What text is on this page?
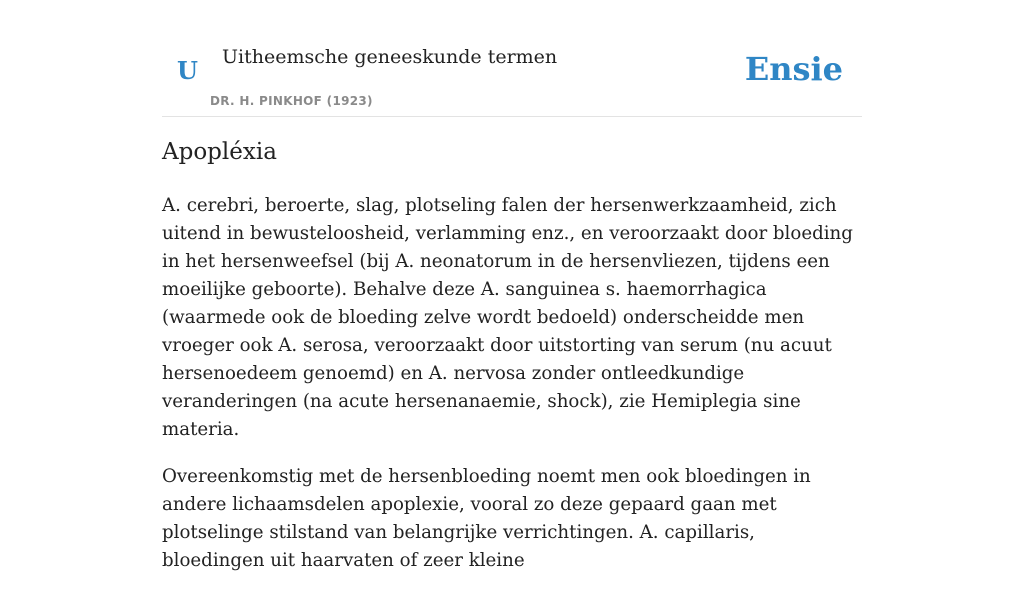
U Uitheemsche geneeskunde termen
DR. H. PINKHOF (1923)
Ensie
Apopléxia

A. cerebri, beroerte, slag, plotseling falen der hersenwerkzaamheid, zich uitend in bewusteloosheid, verlamming enz., en veroorzaakt door bloeding in het hersenweefsel (bij A. neonatorum in de hersenvliezen, tijdens een moeilijke geboorte). Behalve deze A. sanguinea s. haemorrhagica (waarmede ook de bloeding zelve wordt bedoeld) onderscheidde men vroeger ook A. serosa, veroorzaakt door uitstorting van serum (nu acuut hersenoedeem genoemd) en A. nervosa zonder ontleedkundige veranderingen (na acute hersenanaemie, shock), zie Hemiplegia sine materia.

Overeenkomstig met de hersenbloeding noemt men ook bloedingen in andere lichaamsdelen apoplexie, vooral zo deze gepaard gaan met plotselinge stilstand van belangrijke verrichtingen. A. capillaris, bloedingen uit haarvaten of zeer kleine
